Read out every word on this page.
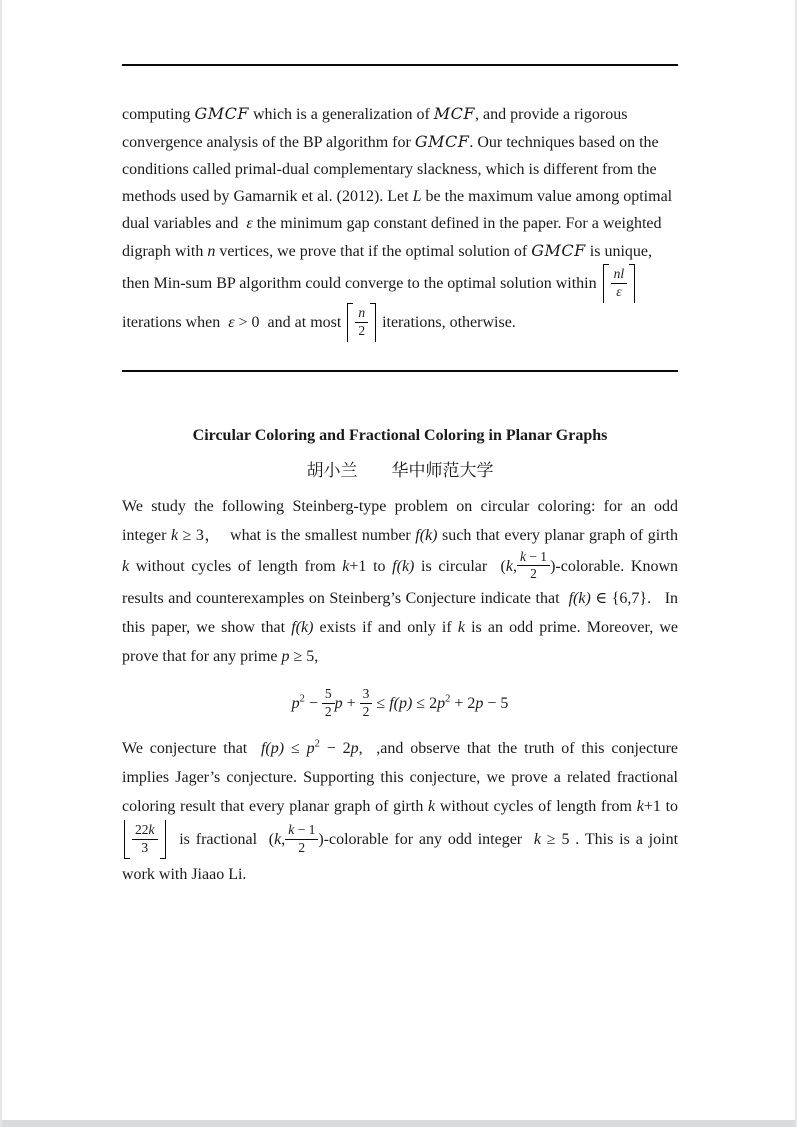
computing GMCF which is a generalization of MCF, and provide a rigorous convergence analysis of the BP algorithm for GMCF. Our techniques based on the conditions called primal-dual complementary slackness, which is different from the methods used by Gamarnik et al. (2012). Let L be the maximum value among optimal dual variables and  ε the minimum gap constant defined in the paper. For a weighted digraph with n vertices, we prove that if the optimal solution of GMCF is unique, then Min-sum BP algorithm could converge to the optimal solution within $\frac{nl}{\varepsilon}$
iterations when  ε > 0  and at most $\frac{n}{2}$ iterations, otherwise.

Circular Coloring and Fractional Coloring in Planar Graphs
胡小兰 华中师范大学

We study the following Steinberg-type problem on circular coloring: for an odd integer k ≥ 3，  what is the smallest number f(k) such that every planar graph of girth k without cycles of length from k+1 to f(k) is circular  (k, $\frac{k - 1}{2}$ )-colorable. Known results and counterexamples on Steinberg’s Conjecture indicate that  f(k) ∈ {6,7}.   In this paper, we show that f(k) exists if and only if k is an odd prime. Moreover, we prove that for any prime p ≥ 5,

$p^2 - \frac{5}{2}$ $p + \frac{3}{2} \le f(p) \le 2p^2 + 2p - 5$

We conjecture that  $f(p) \le p^2 - 2p$,  ,and observe that the truth of this conjecture implies Jager’s conjecture. Supporting this conjecture, we prove a related fractional coloring result that every planar graph of girth k without cycles of length from k+1 to
$\frac{22k}{3}$ is fractional  (k, $\frac{k - 1}{2}$ )-colorable for any odd integer  k ≥ 5 . This is a joint work with Jiaao Li.
